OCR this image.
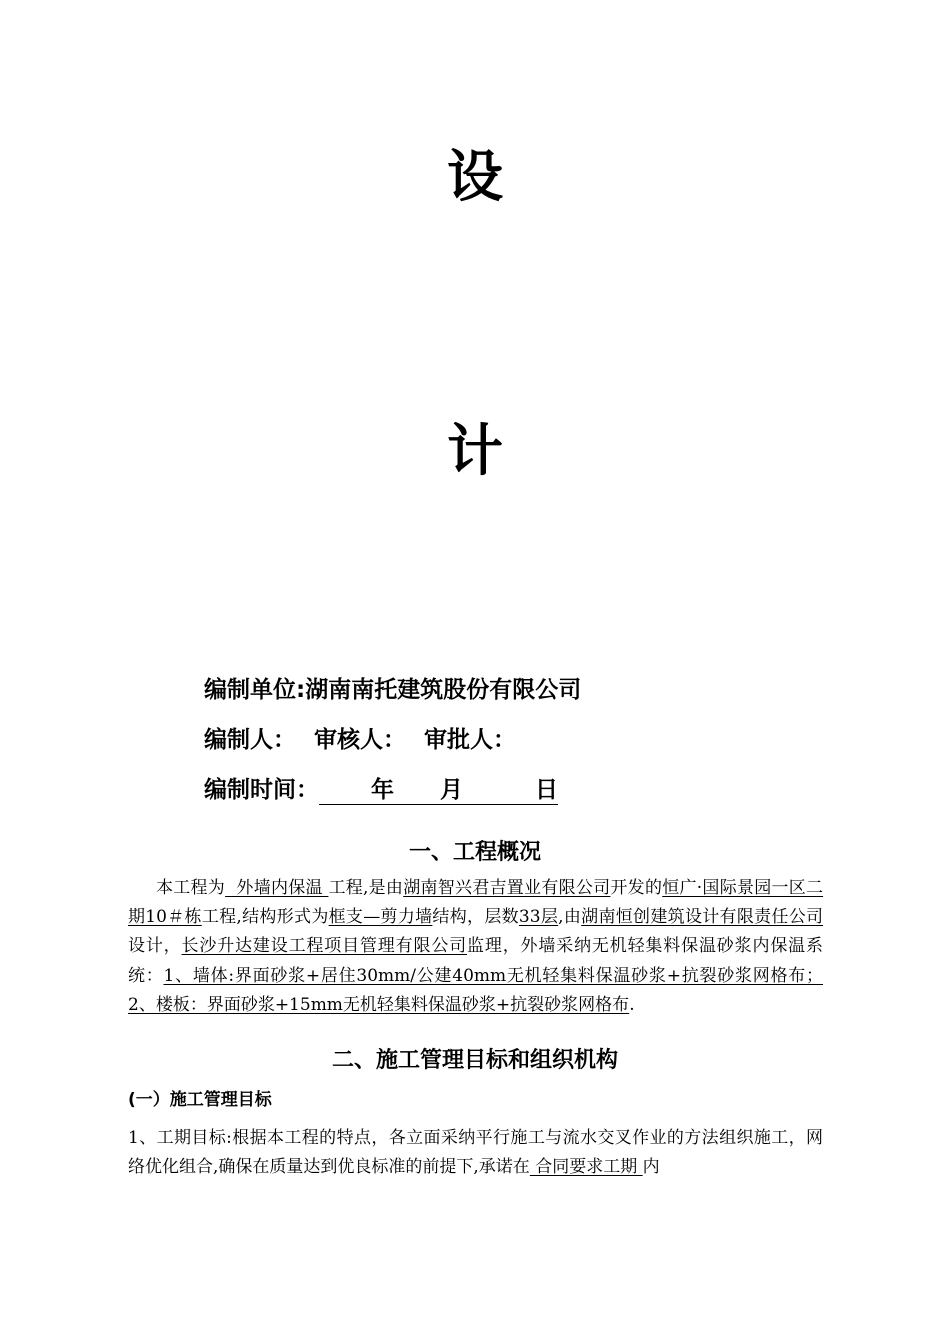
设
计
编制单位:湖南南托建筑股份有限公司
编制人： 审核人： 审批人：
编制时间： 年 月	日
一、工程概况
本工程为  外墙内保温 工程,是由湖南智兴君吉置业有限公司开发的恒广·国际景园一区二期10＃栋工程,结构形式为框支—剪力墙结构，层数33层,由湖南恒创建筑设计有限责任公司设计，长沙升达建设工程项目管理有限公司监理，外墙采纳无机轻集料保温砂浆内保温系统：1、墙体:界面砂浆+居住30mm/公建40mm无机轻集料保温砂浆+抗裂砂浆网格布；2、楼板：界面砂浆+15mm无机轻集料保温砂浆+抗裂砂浆网格布.
二、施工管理目标和组织机构
(一）施工管理目标
1、工期目标:根据本工程的特点，各立面采纳平行施工与流水交叉作业的方法组织施工，网络优化组合,确保在质量达到优良标准的前提下,承诺在 合同要求工期 内
